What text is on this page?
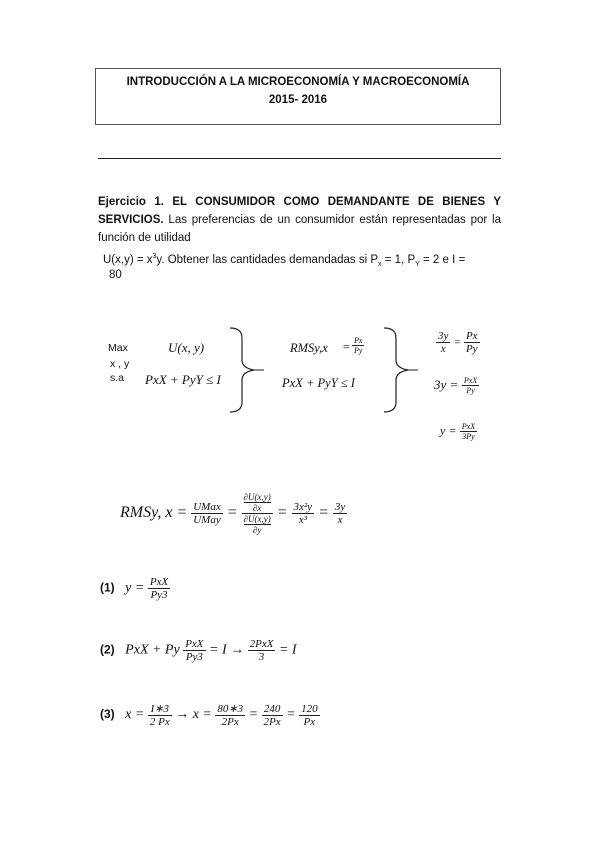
INTRODUCCIÓN A LA MICROECONOMÍA Y MACROECONOMÍA
2015- 2016
Ejercicio 1. EL CONSUMIDOR COMO DEMANDANTE DE BIENES Y SERVICIOS. Las preferencias de un consumidor están representadas por la función de utilidad
$U(x,y) = x^3y$. Obtener las cantidades demandadas si $P_x = 1$, $P_Y = 2$ e I =
80
Max
x , y
s.a
U(x, y)
PxX + PyY ≤ I
RMSy,x = $\frac{Px}{Py}$
PxX + PyY ≤ I
$\frac{3y}{x} = \frac{Px}{Py}$
$3y = \frac{\text{PxX}}{Py}$
$y = \frac{\text{PxX}}{3Py}$
RMSy, $x = \frac{\text{UMax}}{\text{UMay}} = \partial U(x,y)$
∂x
∂U(x,y)
$\partial y = \frac{\text{3x²y}}{\text{x³}} = \frac{3y}{x}$
(1) $y = \frac{\text{PxX}}{Py3}$
(2) PxX + Py $\frac{\text{PxX}}{Py3} = I \to \frac{\text{2PxX}}{3} = I$
(3) $x = \frac{I∗3}{2 Px} \to x = \frac{80∗3}{2Px} = \frac{240}{2Px} = \frac{120}{Px}$
